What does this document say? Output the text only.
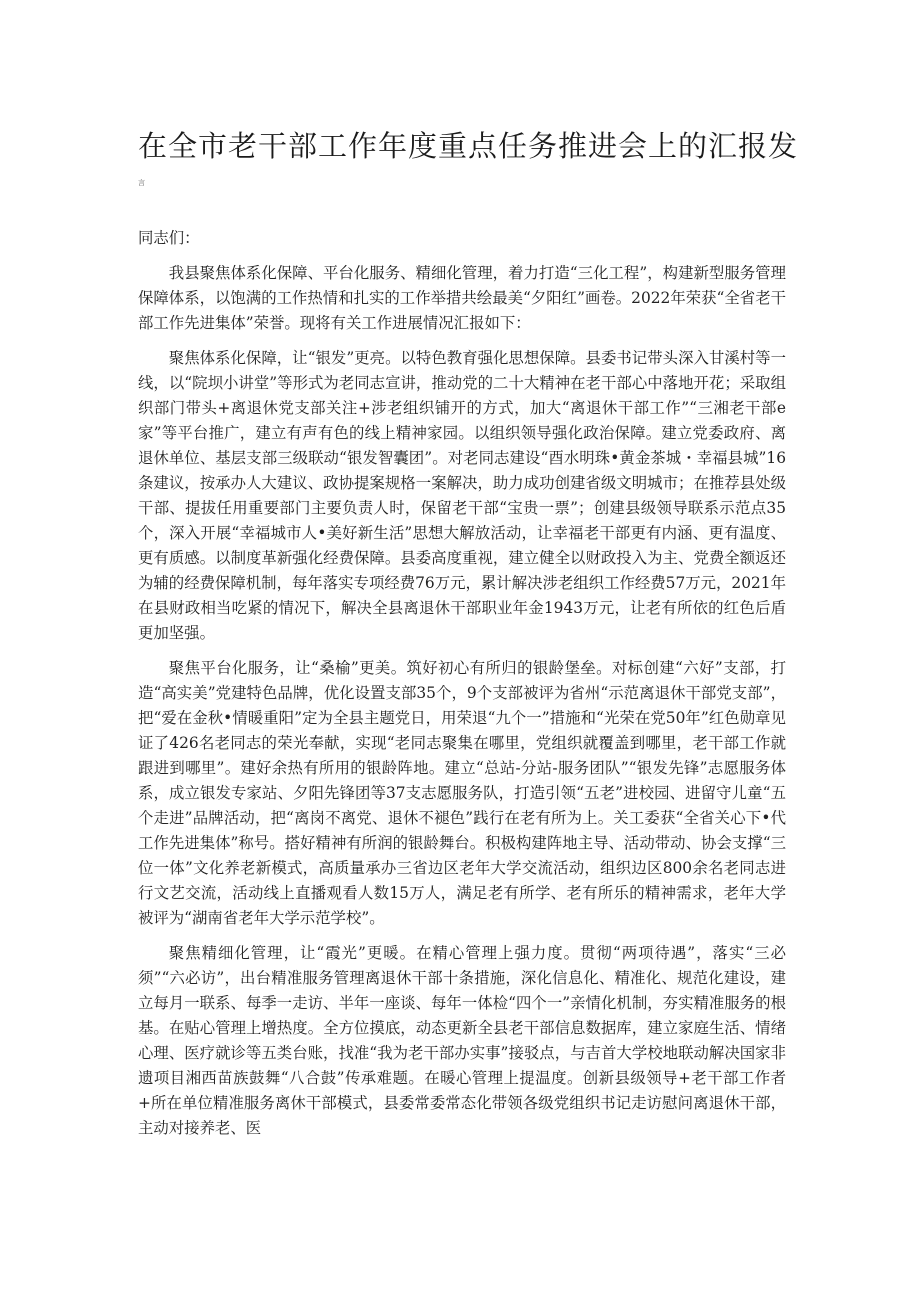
在全市老干部工作年度重点任务推进会上的汇报发
言

同志们：

我县聚焦体系化保障、平台化服务、精细化管理，着力打造“三化工程”，构建新型服务管理保障体系，以饱满的工作热情和扎实的工作举措共绘最美“夕阳红”画卷。2022年荣获“全省老干部工作先进集体”荣誉。现将有关工作进展情况汇报如下：

聚焦体系化保障，让“银发”更亮。以特色教育强化思想保障。县委书记带头深入甘溪村等一线，以“院坝小讲堂”等形式为老同志宣讲，推动党的二十大精神在老干部心中落地开花；采取组织部门带头+离退休党支部关注+涉老组织铺开的方式，加大“离退休干部工作”“三湘老干部e家”等平台推广，建立有声有色的线上精神家园。以组织领导强化政治保障。建立党委政府、离退休单位、基层支部三级联动“银发智囊团”。对老同志建设“酉水明珠•黄金茶城・幸福县城”16条建议，按承办人大建议、政协提案规格一案解决，助力成功创建省级文明城市；在推荐县处级干部、提拔任用重要部门主要负责人时，保留老干部“宝贵一票”；创建县级领导联系示范点35个，深入开展“幸福城市人•美好新生活”思想大解放活动，让幸福老干部更有内涵、更有温度、更有质感。以制度革新强化经费保障。县委高度重视，建立健全以财政投入为主、党费全额返还为辅的经费保障机制，每年落实专项经费76万元，累计解决涉老组织工作经费57万元，2021年在县财政相当吃紧的情况下，解决全县离退休干部职业年金1943万元，让老有所依的红色后盾更加坚强。

聚焦平台化服务，让“桑榆”更美。筑好初心有所归的银龄堡垒。对标创建“六好”支部，打造“高实美”党建特色品牌，优化设置支部35个，9个支部被评为省州“示范离退休干部党支部”，把“爱在金秋•情暖重阳”定为全县主题党日，用荣退“九个一”措施和“光荣在党50年”红色勋章见证了426名老同志的荣光奉献，实现“老同志聚集在哪里，党组织就覆盖到哪里，老干部工作就跟进到哪里”。建好余热有所用的银龄阵地。建立“总站-分站-服务团队”“银发先锋”志愿服务体系，成立银发专家站、夕阳先锋团等37支志愿服务队，打造引领“五老”进校园、进留守儿童“五个走进”品牌活动，把“离岗不离党、退休不褪色”践行在老有所为上。关工委获“全省关心下•代工作先进集体”称号。搭好精神有所润的银龄舞台。积极构建阵地主导、活动带动、协会支撑“三位一体”文化养老新模式，高质量承办三省边区老年大学交流活动，组织边区800余名老同志进行文艺交流，活动线上直播观看人数15万人，满足老有所学、老有所乐的精神需求，老年大学被评为“湖南省老年大学示范学校”。

聚焦精细化管理，让“霞光”更暖。在精心管理上强力度。贯彻“两项待遇”，落实“三必须”“六必访”，出台精准服务管理离退休干部十条措施，深化信息化、精准化、规范化建设，建立每月一联系、每季一走访、半年一座谈、每年一体检“四个一”亲情化机制，夯实精准服务的根基。在贴心管理上增热度。全方位摸底，动态更新全县老干部信息数据库，建立家庭生活、情绪心理、医疗就诊等五类台账，找准“我为老干部办实事”接驳点，与吉首大学校地联动解决国家非遗项目湘西苗族鼓舞“八合鼓”传承难题。在暖心管理上提温度。创新县级领导+老干部工作者+所在单位精准服务离休干部模式，县委常委常态化带领各级党组织书记走访慰问离退休干部，主动对接养老、医
